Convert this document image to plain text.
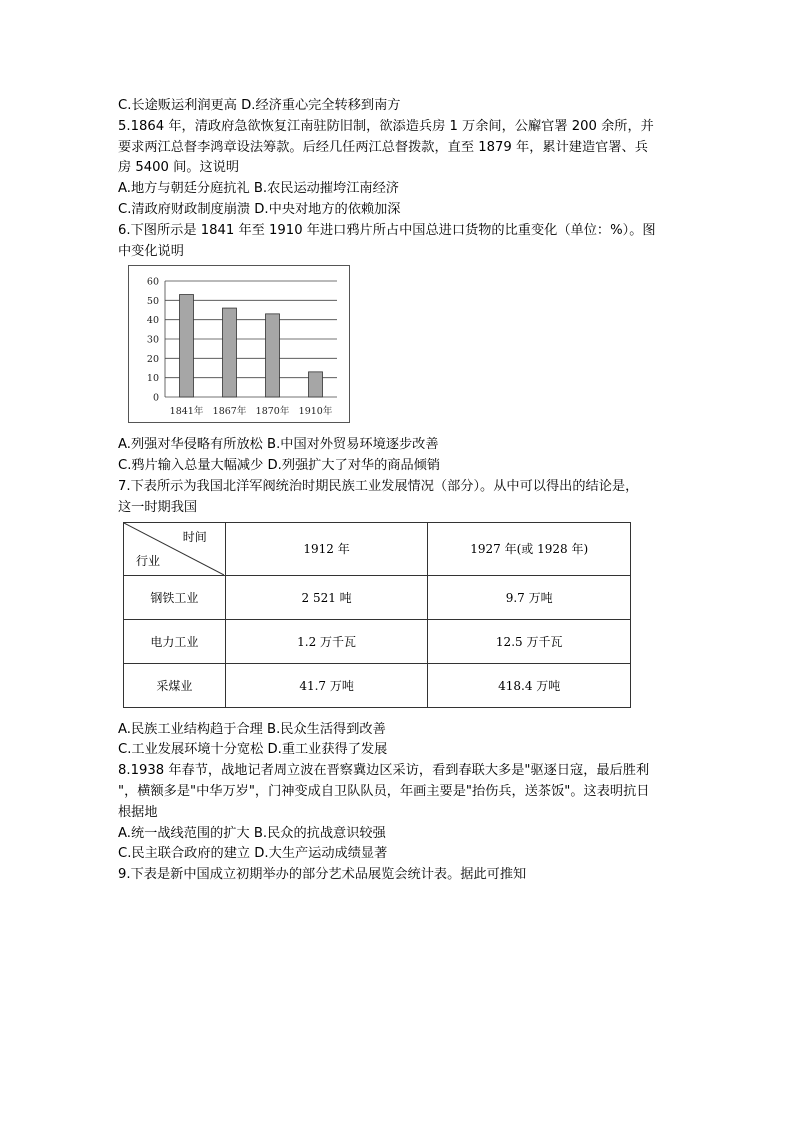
C.长途贩运利润更高 D.经济重心完全转移到南方
5.1864 年，清政府急欲恢复江南驻防旧制，欲添造兵房 1 万余间，公廨官署 200 余所，并
要求两江总督李鸿章设法筹款。后经几任两江总督拨款，直至 1879 年，累计建造官署、兵
房 5400 间。这说明
A.地方与朝廷分庭抗礼 B.农民运动摧垮江南经济
C.清政府财政制度崩溃 D.中央对地方的依赖加深
6.下图所示是 1841 年至 1910 年进口鸦片所占中国总进口货物的比重变化（单位：%）。图
中变化说明
0
10
20
30
40
50
60
1841年 1867年 1870年 1910年
A.列强对华侵略有所放松 B.中国对外贸易环境逐步改善
C.鸦片输入总量大幅减少 D.列强扩大了对华的商品倾销
7.下表所示为我国北洋军阀统治时期民族工业发展情况（部分）。从中可以得出的结论是，
这一时期我国
时间
行业	1912 年	1927 年(或 1928 年)
钢铁工业	2 521 吨	9.7 万吨
电力工业	1.2 万千瓦	12.5 万千瓦
采煤业	41.7 万吨	418.4 万吨
A.民族工业结构趋于合理 B.民众生活得到改善
C.工业发展环境十分宽松 D.重工业获得了发展
8.1938 年春节，战地记者周立波在晋察冀边区采访，看到春联大多是"驱逐日寇，最后胜利
"，横额多是"中华万岁"，门神变成自卫队队员，年画主要是"抬伤兵，送茶饭"。这表明抗日
根据地
A.统一战线范围的扩大 B.民众的抗战意识较强
C.民主联合政府的建立 D.大生产运动成绩显著
9.下表是新中国成立初期举办的部分艺术品展览会统计表。据此可推知
